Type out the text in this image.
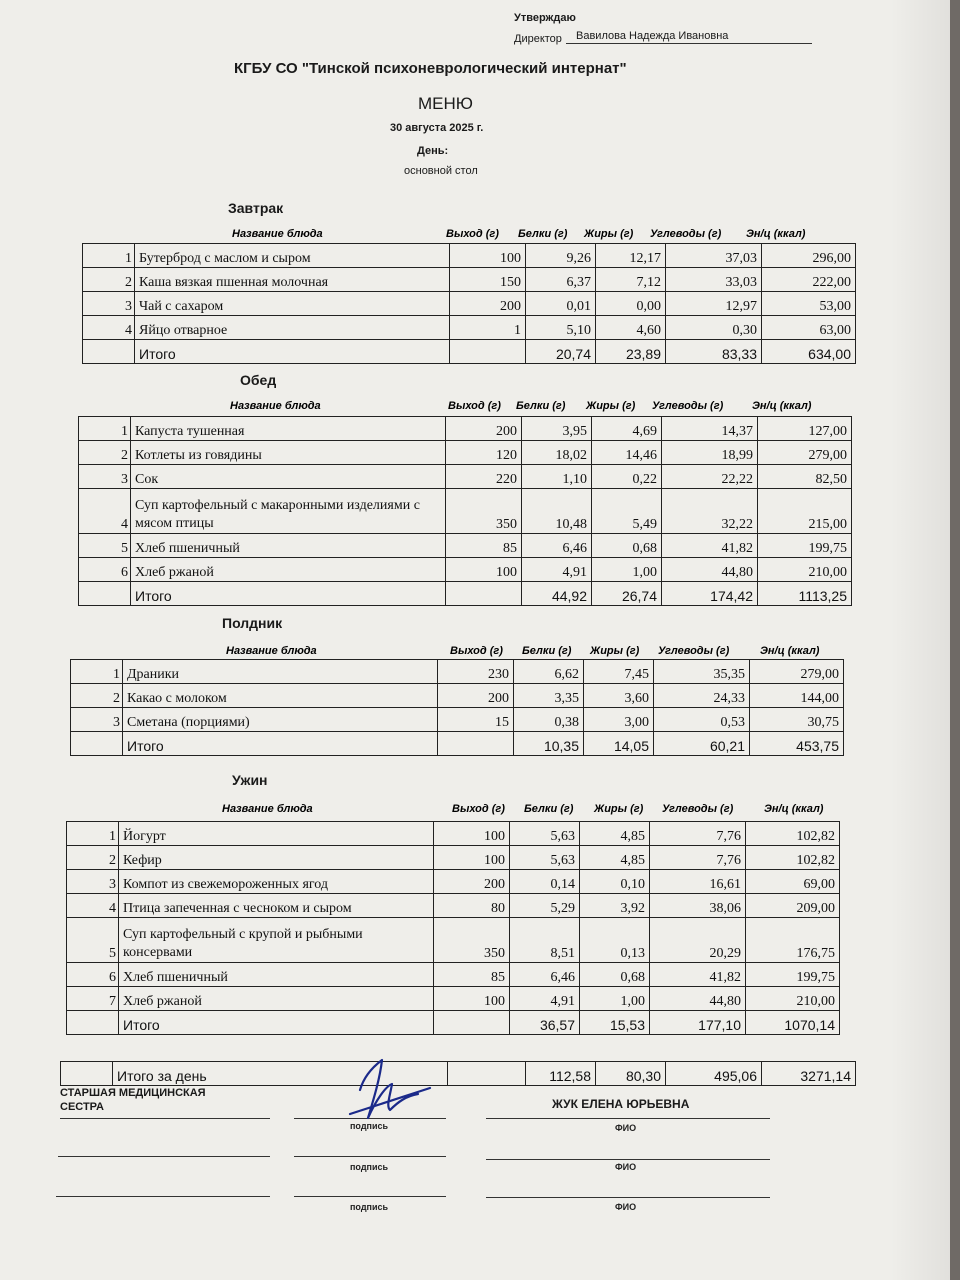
Утверждаю
Директор Вавилова Надежда Ивановна
КГБУ СО "Тинской психоневрологический интернат"
МЕНЮ
30 августа 2025 г.
День:
основной стол
Завтрак
Название блюда	Выход (г) Белки (г) Жиры (г) Углеводы (г) Эн/ц (ккал)
1	Бутерброд с маслом и сыром	100	9,26	12,17	37,03	296,00
2	Каша вязкая пшенная молочная	150	6,37	7,12	33,03	222,00
3	Чай с сахаром	200	0,01	0,00	12,97	53,00
4	Яйцо отварное	1	5,10	4,60	0,30	63,00
	Итого		20,74	23,89	83,33	634,00
Обед
Название блюда	Выход (г) Белки (г) Жиры (г) Углеводы (г)	Эн/ц (ккал)
1	Капуста тушенная	200	3,95	4,69	14,37	127,00
2	Котлеты из говядины	120	18,02	14,46	18,99	279,00
3	Сок	220	1,10	0,22	22,22	82,50
4	Суп картофельный с макаронными изделиями с мясом птицы	350	10,48	5,49	32,22	215,00
5	Хлеб пшеничный	85	6,46	0,68	41,82	199,75
6	Хлеб ржаной	100	4,91	1,00	44,80	210,00
	Итого		44,92	26,74	174,42	1113,25
Полдник
Название блюда	Выход (г) Белки (г) Жиры (г) Углеводы (г)	Эн/ц (ккал)
1	Драники	230	6,62	7,45	35,35	279,00
2	Какао с молоком	200	3,35	3,60	24,33	144,00
3	Сметана (порциями)	15	0,38	3,00	0,53	30,75
	Итого		10,35	14,05	60,21	453,75
Ужин
Название блюда	Выход (г) Белки (г) Жиры (г) Углеводы (г)	Эн/ц (ккал)
1	Йогурт	100	5,63	4,85	7,76	102,82
2	Кефир	100	5,63	4,85	7,76	102,82
3	Компот из свежемороженных ягод	200	0,14	0,10	16,61	69,00
4	Птица запеченная с чесноком и сыром	80	5,29	3,92	38,06	209,00
5	Суп картофельный с крупой и рыбными консервами	350	8,51	0,13	20,29	176,75
6	Хлеб пшеничный	85	6,46	0,68	41,82	199,75
7	Хлеб ржаной	100	4,91	1,00	44,80	210,00
	Итого		36,57	15,53	177,10	1070,14
	Итого за день		112,58	80,30	495,06	3271,14
СТАРШАЯ МЕДИЦИНСКАЯ СЕСТРА	ЖУК ЕЛЕНА ЮРЬЕВНА
подпись	ФИО
подпись	ФИО
подпись	ФИО
